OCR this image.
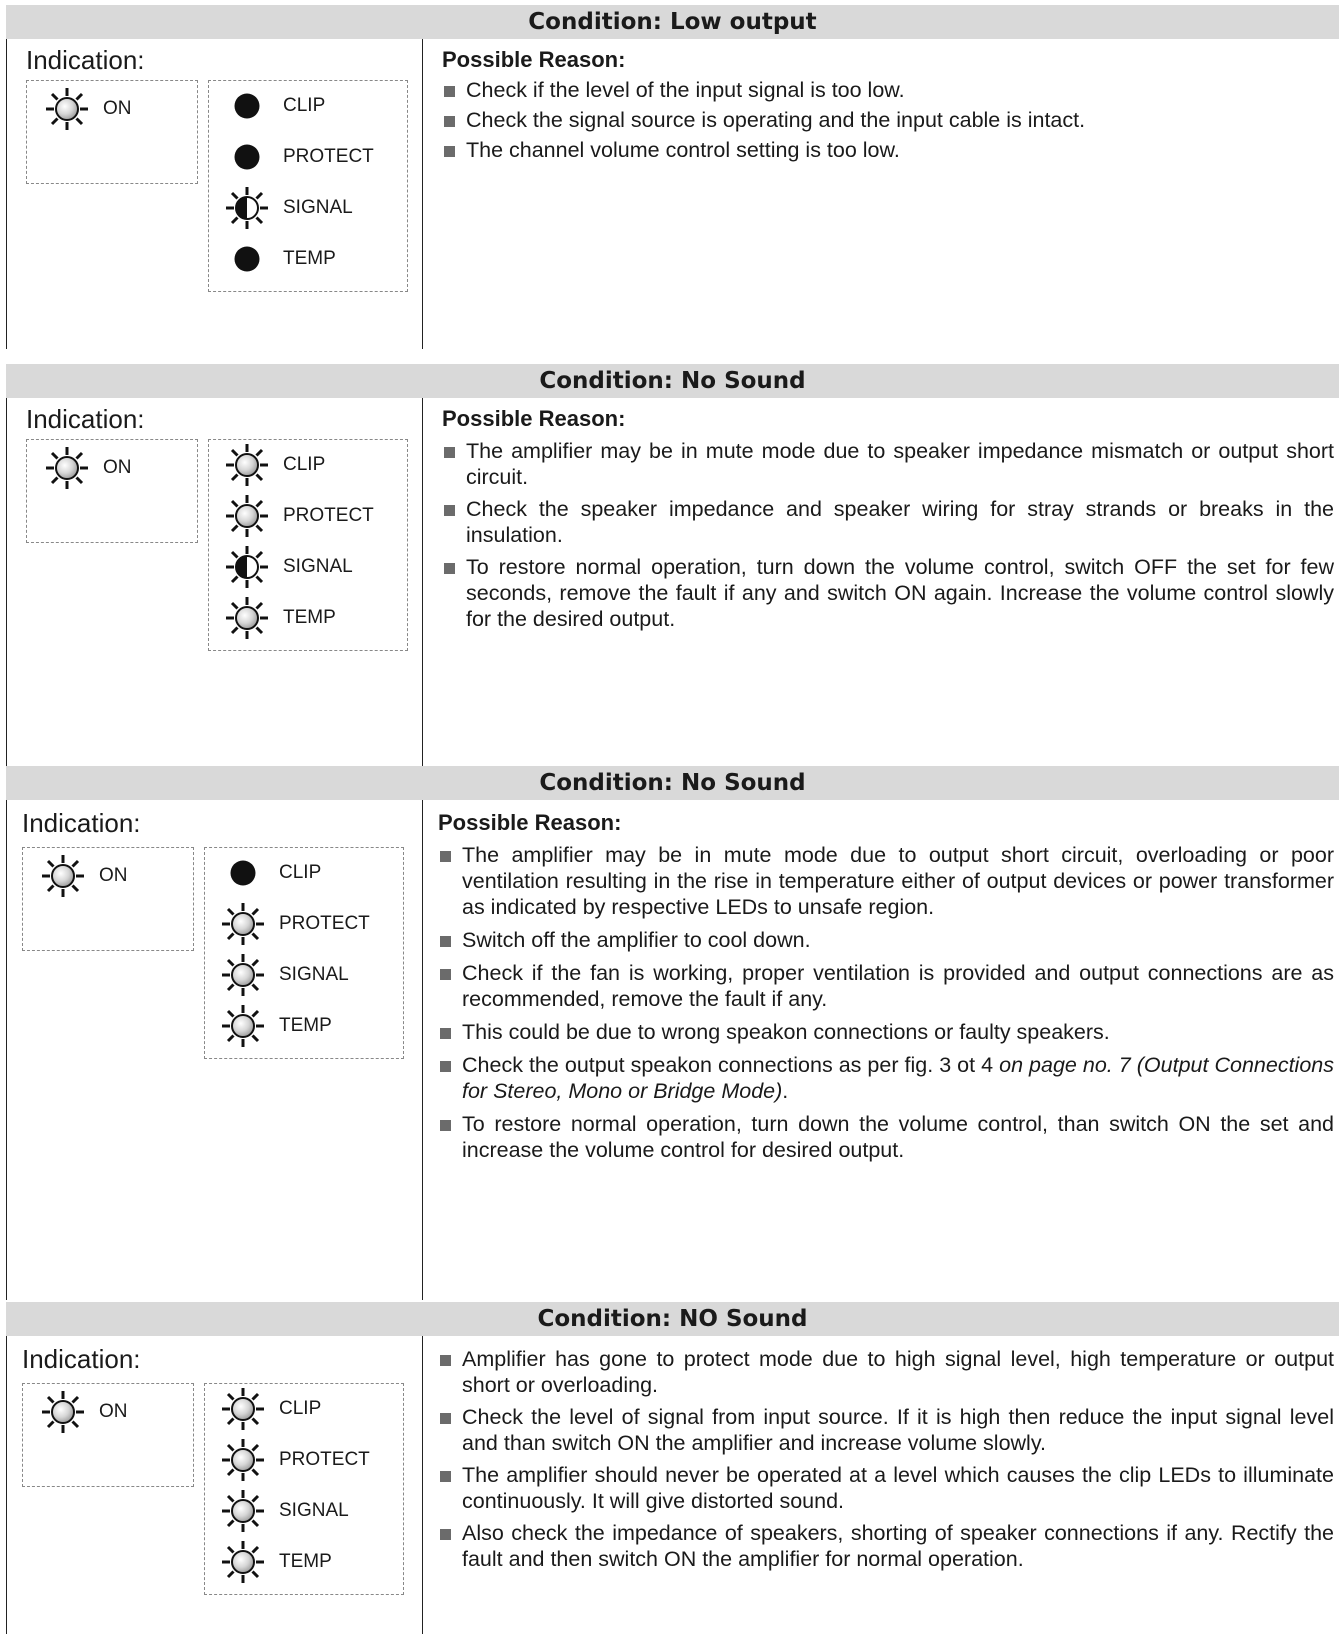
Condition: Low output
Indication:
ON	CLIP
PROTECT
SIGNAL
TEMP
Possible Reason:
Check if the level of the input signal is too low.
Check the signal source is operating and the input cable is intact.
The channel volume control setting is too low.
Condition: No Sound
Indication:
ON	CLIP
PROTECT
SIGNAL
TEMP
Possible Reason:
The amplifier may be in mute mode due to speaker impedance mismatch or output short circuit.
Check the speaker impedance and speaker wiring for stray strands or breaks in the insulation.
To restore normal operation, turn down the volume control, switch OFF the set for few seconds, remove the fault if any and switch ON again. Increase the volume control slowly for the desired output.
Condition: No Sound
Indication:
ON	CLIP
PROTECT
SIGNAL
TEMP
Possible Reason:
The amplifier may be in mute mode due to output short circuit, overloading or poor ventilation resulting in the rise in temperature either of output devices or power transformer as indicated by respective LEDs to unsafe region.
Switch off the amplifier to cool down.
Check if the fan is working, proper ventilation is provided and output connections are as recommended, remove the fault if any.
This could be due to wrong speakon connections or faulty speakers.
Check the output speakon connections as per fig. 3 ot 4 on page no. 7 (Output Connections for Stereo, Mono or Bridge Mode).
To restore normal operation, turn down the volume control, than switch ON the set and increase the volume control for desired output.
Condition: NO Sound
Indication:
ON	CLIP
PROTECT
SIGNAL
TEMP
Amplifier has gone to protect mode due to high signal level, high temperature or output short or overloading.
Check the level of signal from input source. If it is high then reduce the input signal level and than switch ON the amplifier and increase volume slowly.
The amplifier should never be operated at a level which causes the clip LEDs to illuminate continuously. It will give distorted sound.
Also check the impedance of speakers, shorting of speaker connections if any. Rectify the fault and then switch ON the amplifier for normal operation.
